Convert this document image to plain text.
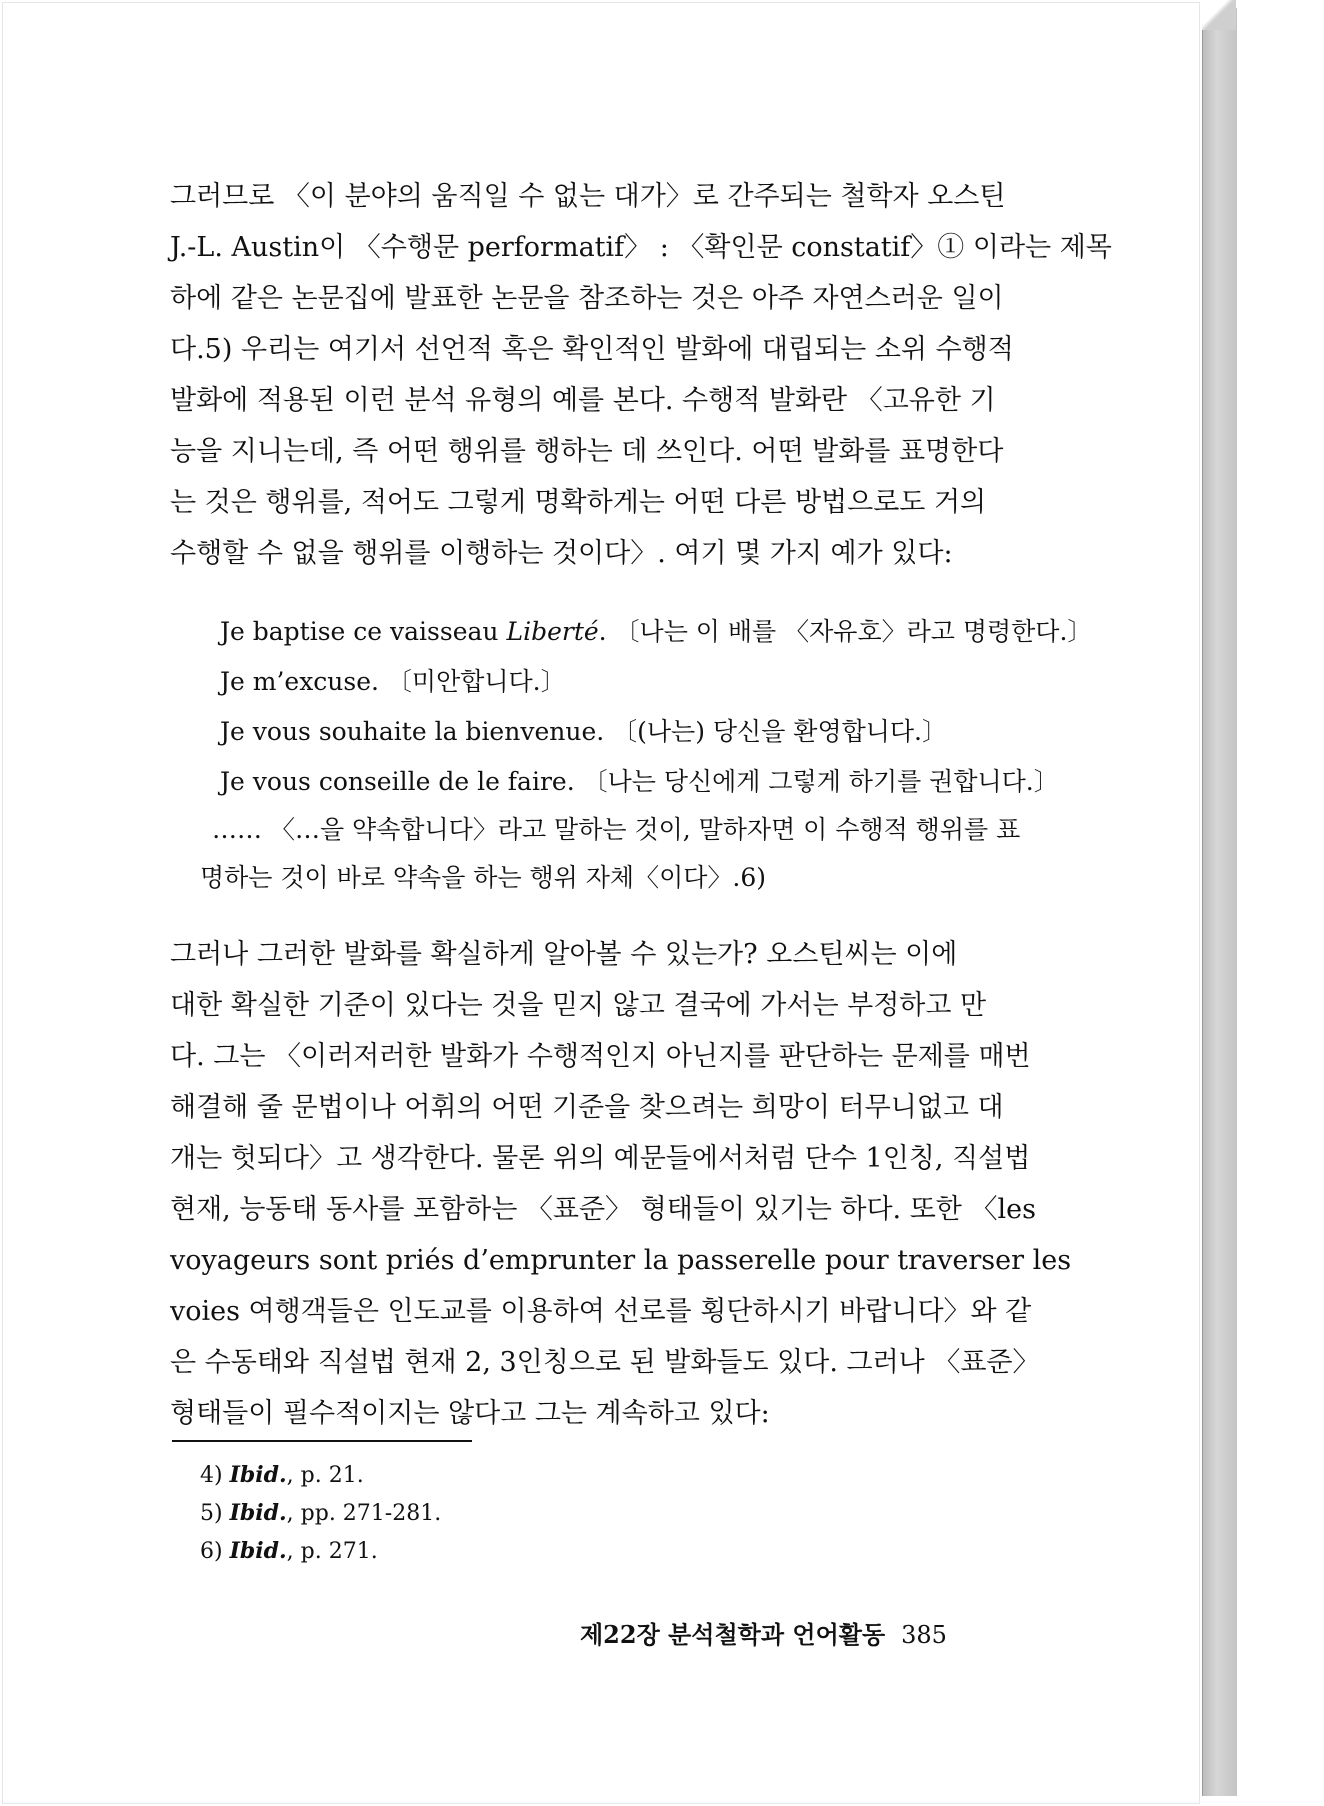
그러므로 〈이 분야의 움직일 수 없는 대가〉로 간주되는 철학자 오스틴
J.-L. Austin이 〈수행문 performatif〉 : 〈확인문 constatif〉① 이라는 제목
하에 같은 논문집에 발표한 논문을 참조하는 것은 아주 자연스러운 일이
다.5) 우리는 여기서 선언적 혹은 확인적인 발화에 대립되는 소위 수행적
발화에 적용된 이런 분석 유형의 예를 본다. 수행적 발화란 〈고유한 기
능을 지니는데, 즉 어떤 행위를 행하는 데 쓰인다. 어떤 발화를 표명한다
는 것은 행위를, 적어도 그렇게 명확하게는 어떤 다른 방법으로도 거의
수행할 수 없을 행위를 이행하는 것이다〉. 여기 몇 가지 예가 있다:
Je baptise ce vaisseau Liberté. 〔나는 이 배를 〈자유호〉라고 명령한다.〕
Je m’excuse. 〔미안합니다.〕
Je vous souhaite la bienvenue. 〔(나는) 당신을 환영합니다.〕
Je vous conseille de le faire. 〔나는 당신에게 그렇게 하기를 권합니다.〕
…… 〈…을 약속합니다〉라고 말하는 것이, 말하자면 이 수행적 행위를 표
명하는 것이 바로 약속을 하는 행위 자체〈이다〉.6)
그러나 그러한 발화를 확실하게 알아볼 수 있는가? 오스틴씨는 이에
대한 확실한 기준이 있다는 것을 믿지 않고 결국에 가서는 부정하고 만
다. 그는 〈이러저러한 발화가 수행적인지 아닌지를 판단하는 문제를 매번
해결해 줄 문법이나 어휘의 어떤 기준을 찾으려는 희망이 터무니없고 대
개는 헛되다〉고 생각한다. 물론 위의 예문들에서처럼 단수 1인칭, 직설법
현재, 능동태 동사를 포함하는 〈표준〉 형태들이 있기는 하다. 또한 〈les
voyageurs sont priés d’emprunter la passerelle pour traverser les
voies 여행객들은 인도교를 이용하여 선로를 횡단하시기 바랍니다〉와 같
은 수동태와 직설법 현재 2, 3인칭으로 된 발화들도 있다. 그러나 〈표준〉
형태들이 필수적이지는 않다고 그는 계속하고 있다:
4) Ibid., p. 21.
5) Ibid., pp. 271-281.
6) Ibid., p. 271.
제22장 분석철학과 언어활동 385
